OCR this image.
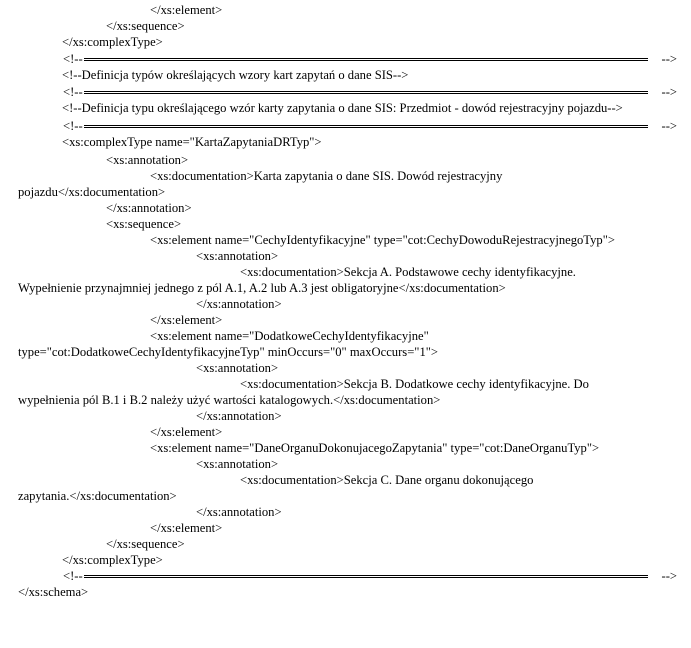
</xs:element>
</xs:sequence>
</xs:complexType>

<!--

	-->

<!--Definicja typów określających wzory kart zapytań o dane SIS-->

<!--

	-->

<!--Definicja typu określającego wzór karty zapytania o dane SIS: Przedmiot - dowód rejestracyjny pojazdu-->

<!--

	-->

<xs:complexType name="KartaZapytaniaDRTyp">
<xs:annotation>
<xs:documentation>Karta zapytania o dane SIS. Dowód rejestracyjny
pojazdu</xs:documentation>
</xs:annotation>
<xs:sequence>
<xs:element name="CechyIdentyfikacyjne" type="cot:CechyDowoduRejestracyjnegoTyp">
<xs:annotation>
<xs:documentation>Sekcja A. Podstawowe cechy identyfikacyjne.
Wypełnienie przynajmniej jednego z pól A.1, A.2 lub A.3 jest obligatoryjne</xs:documentation>
</xs:annotation>
</xs:element>
<xs:element name="DodatkoweCechyIdentyfikacyjne"
type="cot:DodatkoweCechyIdentyfikacyjneTyp" minOccurs="0" maxOccurs="1">
<xs:annotation>
<xs:documentation>Sekcja B. Dodatkowe cechy identyfikacyjne. Do
wypełnienia pól B.1 i B.2 należy użyć wartości katalogowych.</xs:documentation>
</xs:annotation>
</xs:element>
<xs:element name="DaneOrganuDokonujacegoZapytania" type="cot:DaneOrganuTyp">
<xs:annotation>
<xs:documentation>Sekcja C. Dane organu dokonującego
zapytania.</xs:documentation>
</xs:annotation>
</xs:element>
</xs:sequence>
</xs:complexType>

<!--

	-->

</xs:schema>
